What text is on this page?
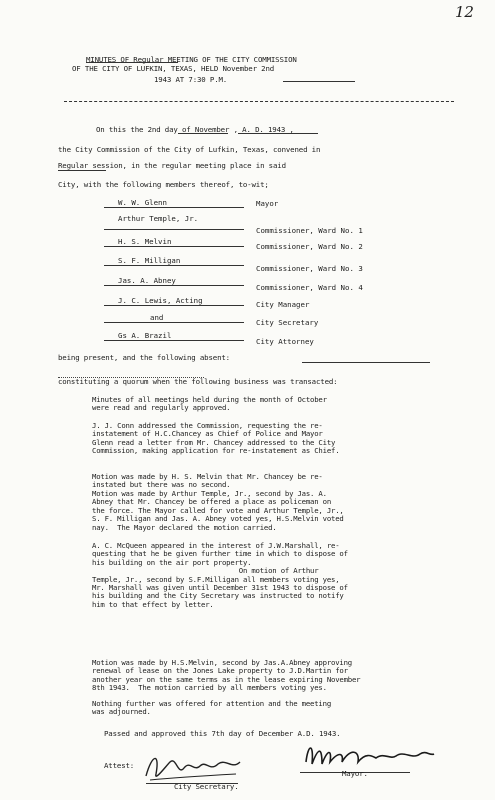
12
MINUTES OF Regular MEETING OF THE CITY COMMISSION
OF THE CITY OF LUFKIN, TEXAS, HELD November 2nd
1943 AT 7:30 P.M.
On this the 2nd day of November , A. D. 1943 ,
the City Commission of the City of Lufkin, Texas, convened in
Regular session, in the regular meeting place in said
City, with the following members thereof, to-wit;
W. W. Glenn	Mayor
Arthur Temple, Jr.
Commissioner, Ward No. 1
H. S. Melvin
Commissioner, Ward No. 2
S. F. Milligan
Commissioner, Ward No. 3
Jas. A. Abney
Commissioner, Ward No. 4
J. C. Lewis, Acting	City Manager
and
City Secretary
Gs A. Brazil
City Attorney
being present, and the following absent:
constituting a quorum when the following business was transacted:
Minutes of all meetings held during the month of October
were read and regularly approved.
J. J. Conn addressed the Commission, requesting the re-
instatement of H.C.Chancey as Chief of Police and Mayor
Glenn read a letter from Mr. Chancey addressed to the City
Commission, making application for re-instatement as Chief.
Motion was made by H. S. Melvin that Mr. Chancey be re-
instated but there was no second.
Motion was made by Arthur Temple, Jr., second by Jas. A.
Abney that Mr. Chancey be offered a place as policeman on
the force. The Mayor called for vote and Arthur Temple, Jr.,
S. F. Milligan and Jas. A. Abney voted yes, H.S.Melvin voted
nay.  The Mayor declared the motion carried.
A. C. McQueen appeared in the interest of J.W.Marshall, re-
questing that he be given further time in which to dispose of
his building on the air port property.
On motion of Arthur
Temple, Jr., second by S.F.Milligan all members voting yes,
Mr. Marshall was given until December 31st 1943 to dispose of
his building and the City Secretary was instructed to notify
him to that effect by letter.
Motion was made by H.S.Melvin, second by Jas.A.Abney approving
renewal of lease on the Jones Lake property to J.D.Martin for
another year on the same terms as in the lease expiring November
8th 1943.  The motion carried by all members voting yes.
Nothing further was offered for attention and the meeting
was adjourned.
Passed and approved this 7th day of December A.D. 1943.
Attest:
City Secretary.
Mayor.
